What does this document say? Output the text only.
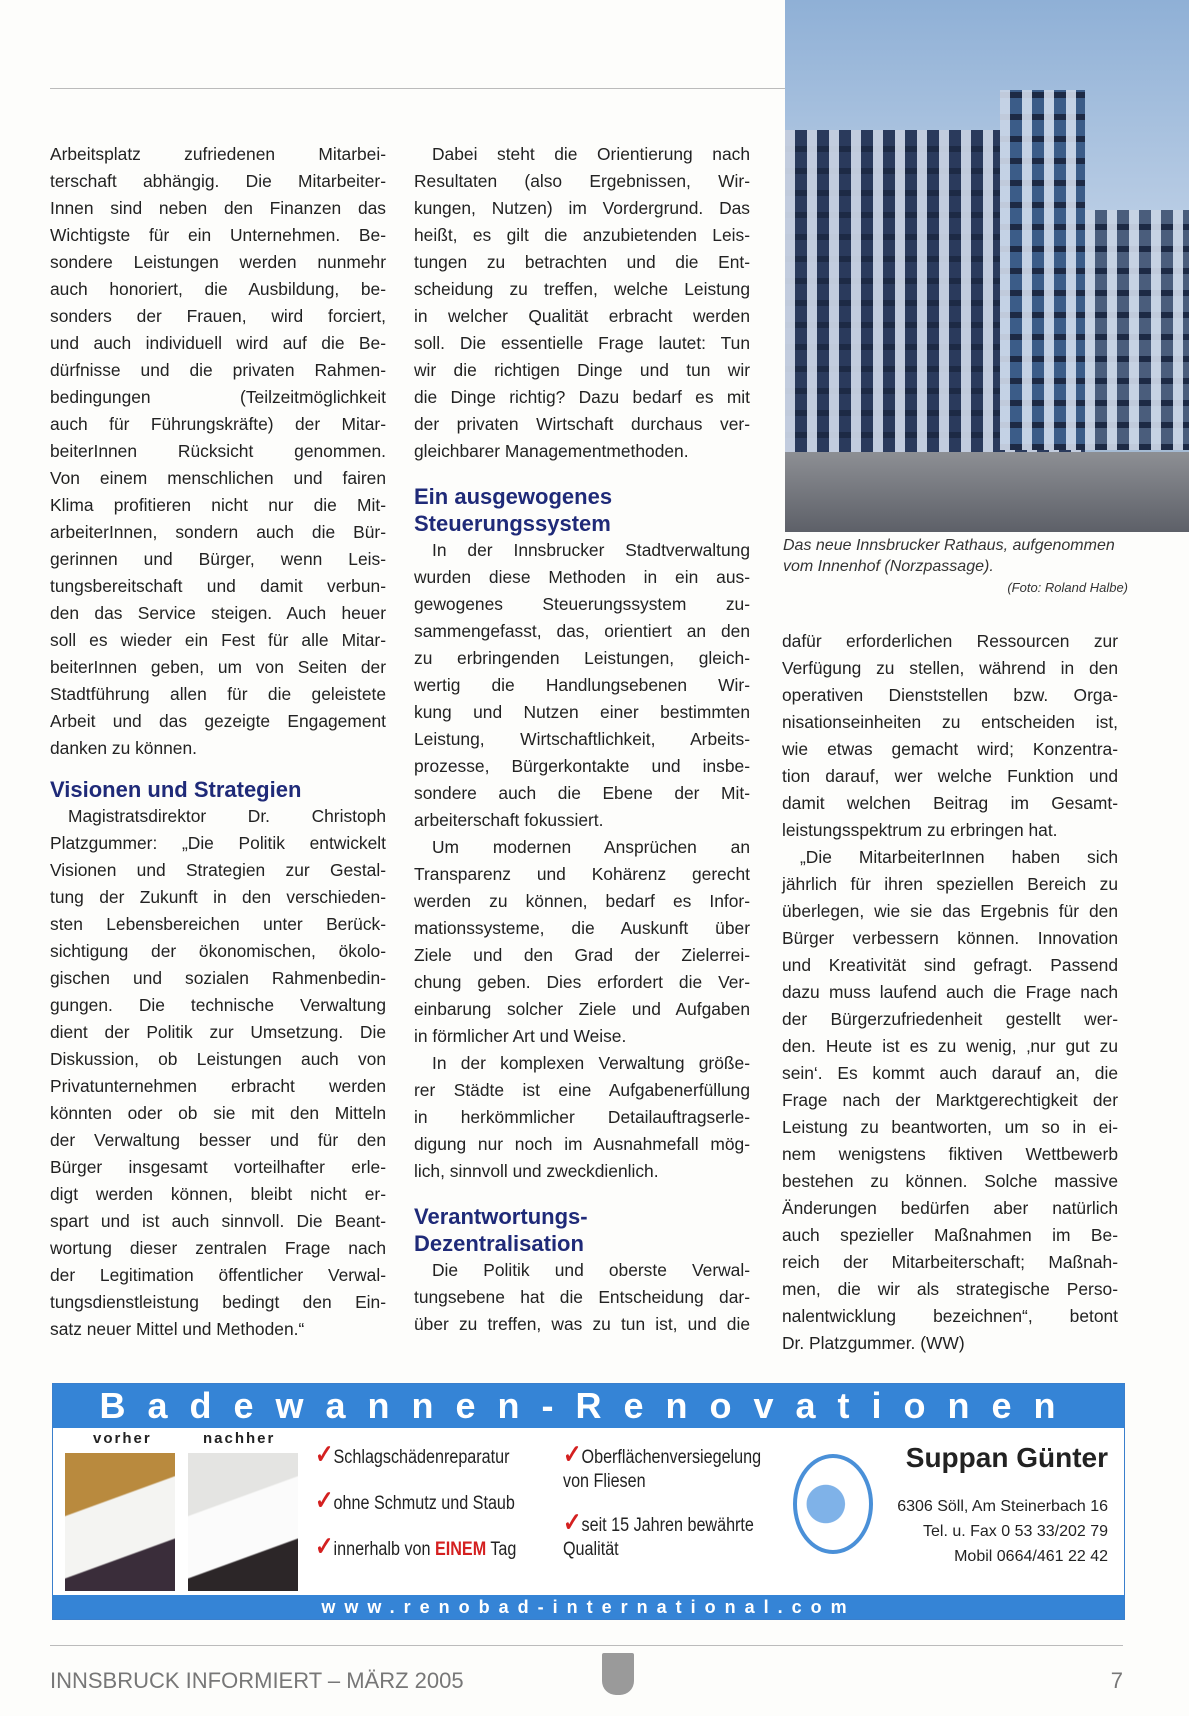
Arbeitsplatz zufriedenen Mitarbei-
terschaft abhängig. Die Mitarbeiter-
Innen sind neben den Finanzen das
Wichtigste für ein Unternehmen. Be-
sondere Leistungen werden nunmehr
auch honoriert, die Ausbildung, be-
sonders der Frauen, wird forciert,
und auch individuell wird auf die Be-
dürfnisse und die privaten Rahmen-
bedingungen (Teilzeitmöglichkeit
auch für Führungskräfte) der Mitar-
beiterInnen Rücksicht genommen.
Von einem menschlichen und fairen
Klima profitieren nicht nur die Mit-
arbeiterInnen, sondern auch die Bür-
gerinnen und Bürger, wenn Leis-
tungsbereitschaft und damit verbun-
den das Service steigen. Auch heuer
soll es wieder ein Fest für alle Mitar-
beiterInnen geben, um von Seiten der
Stadtführung allen für die geleistete
Arbeit und das gezeigte Engagement
danken zu können.
Visionen und Strategien
Magistratsdirektor Dr. Christoph
Platzgummer: „Die Politik entwickelt
Visionen und Strategien zur Gestal-
tung der Zukunft in den verschieden-
sten Lebensbereichen unter Berück-
sichtigung der ökonomischen, ökolo-
gischen und sozialen Rahmenbedin-
gungen. Die technische Verwaltung
dient der Politik zur Umsetzung. Die
Diskussion, ob Leistungen auch von
Privatunternehmen erbracht werden
könnten oder ob sie mit den Mitteln
der Verwaltung besser und für den
Bürger insgesamt vorteilhafter erle-
digt werden können, bleibt nicht er-
spart und ist auch sinnvoll. Die Beant-
wortung dieser zentralen Frage nach
der Legitimation öffentlicher Verwal-
tungsdienstleistung bedingt den Ein-
satz neuer Mittel und Methoden.“
Dabei steht die Orientierung nach
Resultaten (also Ergebnissen, Wir-
kungen, Nutzen) im Vordergrund. Das
heißt, es gilt die anzubietenden Leis-
tungen zu betrachten und die Ent-
scheidung zu treffen, welche Leistung
in welcher Qualität erbracht werden
soll. Die essentielle Frage lautet: Tun
wir die richtigen Dinge und tun wir
die Dinge richtig? Dazu bedarf es mit
der privaten Wirtschaft durchaus ver-
gleichbarer Managementmethoden.
Ein ausgewogenes
Steuerungssystem
In der Innsbrucker Stadtverwaltung
wurden diese Methoden in ein aus-
gewogenes Steuerungssystem zu-
sammengefasst, das, orientiert an den
zu erbringenden Leistungen, gleich-
wertig die Handlungsebenen Wir-
kung und Nutzen einer bestimmten
Leistung, Wirtschaftlichkeit, Arbeits-
prozesse, Bürgerkontakte und insbe-
sondere auch die Ebene der Mit-
arbeiterschaft fokussiert.
Um modernen Ansprüchen an
Transparenz und Kohärenz gerecht
werden zu können, bedarf es Infor-
mationssysteme, die Auskunft über
Ziele und den Grad der Zielerrei-
chung geben. Dies erfordert die Ver-
einbarung solcher Ziele und Aufgaben
in förmlicher Art und Weise.
In der komplexen Verwaltung größe-
rer Städte ist eine Aufgabenerfüllung
in herkömmlicher Detailauftragserle-
digung nur noch im Ausnahmefall mög-
lich, sinnvoll und zweckdienlich.
Verantwortungs-
Dezentralisation
Die Politik und oberste Verwal-
tungsebene hat die Entscheidung dar-
über zu treffen, was zu tun ist, und die
dafür erforderlichen Ressourcen zur
Verfügung zu stellen, während in den
operativen Dienststellen bzw. Orga-
nisationseinheiten zu entscheiden ist,
wie etwas gemacht wird; Konzentra-
tion darauf, wer welche Funktion und
damit welchen Beitrag im Gesamt-
leistungsspektrum zu erbringen hat.
„Die MitarbeiterInnen haben sich
jährlich für ihren speziellen Bereich zu
überlegen, wie sie das Ergebnis für den
Bürger verbessern können. Innovation
und Kreativität sind gefragt. Passend
dazu muss laufend auch die Frage nach
der Bürgerzufriedenheit gestellt wer-
den. Heute ist es zu wenig, ‚nur gut zu
sein‘. Es kommt auch darauf an, die
Frage nach der Marktgerechtigkeit der
Leistung zu beantworten, um so in ei-
nem wenigstens fiktiven Wettbewerb
bestehen zu können. Solche massive
Änderungen bedürfen aber natürlich
auch spezieller Maßnahmen im Be-
reich der Mitarbeiterschaft; Maßnah-
men, die wir als strategische Perso-
nalentwicklung bezeichnen“, betont
Dr. Platzgummer. (WW)
Das neue Innsbrucker Rathaus, aufgenommen vom Innenhof (Norzpassage).
(Foto: Roland Halbe)
Badewannen-Renovationen
vorher	nachher
✓Schlagschädenreparatur
✓ohne Schmutz und Staub
✓innerhalb von EINEM Tag
✓Oberflächenversiegelung von Fliesen
✓seit 15 Jahren bewährte Qualität
Suppan Günter
6306 Söll, Am Steinerbach 16
Tel. u. Fax 0 53 33/202 79
Mobil 0664/461 22 42
www.renobad-international.com
INNSBRUCK INFORMIERT – MÄRZ 2005	7
